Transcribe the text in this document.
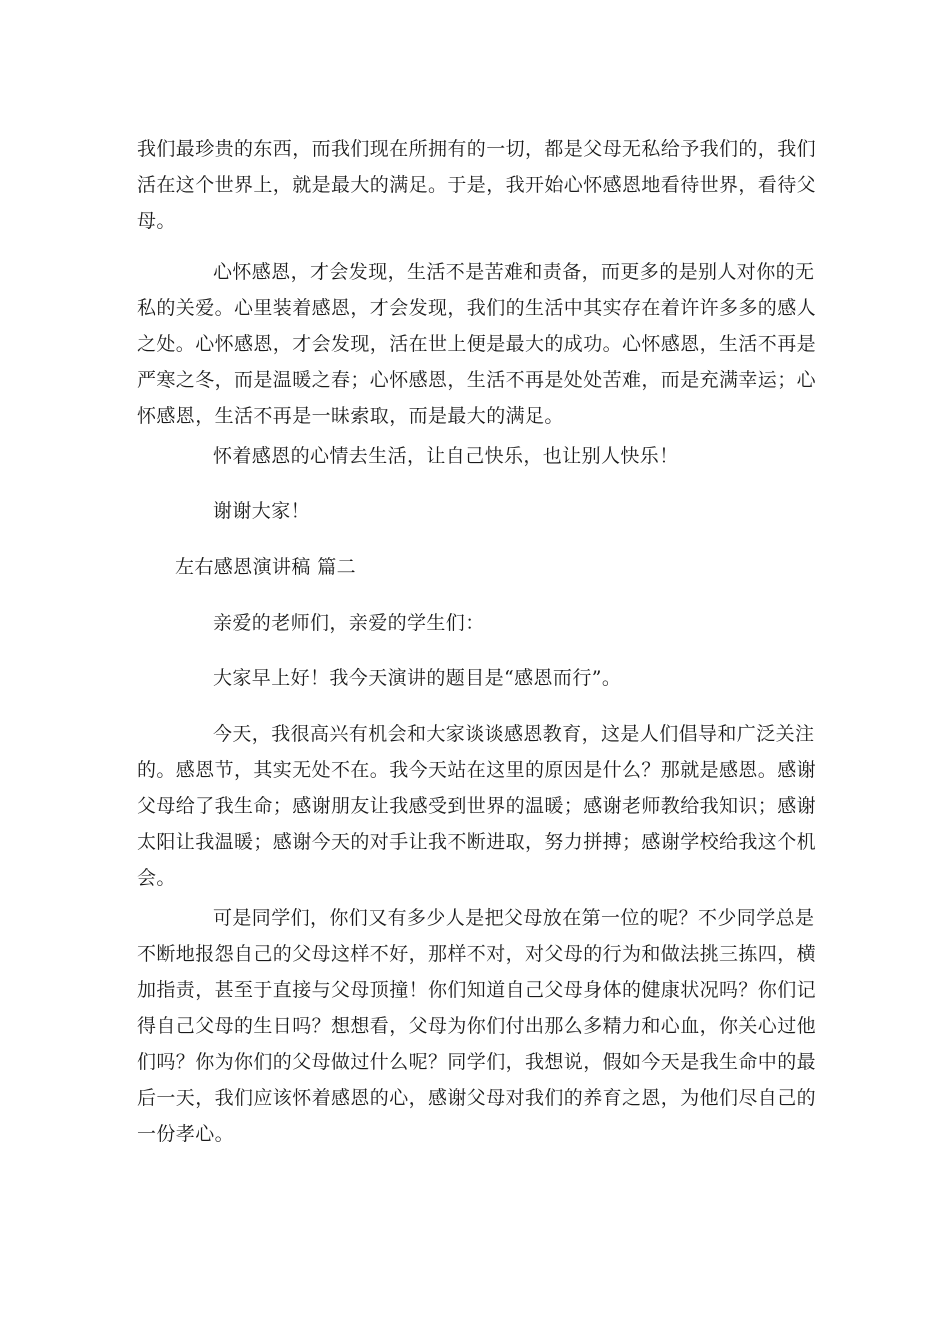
我们最珍贵的东西，而我们现在所拥有的一切，都是父母无私给予我们的，我们活在这个世界上，就是最大的满足。于是，我开始心怀感恩地看待世界，看待父母。

心怀感恩，才会发现，生活不是苦难和责备，而更多的是别人对你的无私的关爱。心里装着感恩，才会发现，我们的生活中其实存在着许许多多的感人之处。心怀感恩，才会发现，活在世上便是最大的成功。心怀感恩，生活不再是严寒之冬，而是温暖之春；心怀感恩，生活不再是处处苦难，而是充满幸运；心怀感恩，生活不再是一昧索取，而是最大的满足。

怀着感恩的心情去生活，让自己快乐，也让别人快乐！

谢谢大家！

左右感恩演讲稿 篇二

亲爱的老师们，亲爱的学生们：

大家早上好！我今天演讲的题目是“感恩而行”。

今天，我很高兴有机会和大家谈谈感恩教育，这是人们倡导和广泛关注的。感恩节，其实无处不在。我今天站在这里的原因是什么？那就是感恩。感谢父母给了我生命；感谢朋友让我感受到世界的温暖；感谢老师教给我知识；感谢太阳让我温暖；感谢今天的对手让我不断进取，努力拼搏；感谢学校给我这个机会。

可是同学们，你们又有多少人是把父母放在第一位的呢？不少同学总是不断地报怨自己的父母这样不好，那样不对，对父母的行为和做法挑三拣四，横加指责，甚至于直接与父母顶撞！你们知道自己父母身体的健康状况吗？你们记得自己父母的生日吗？想想看，父母为你们付出那么多精力和心血，你关心过他们吗？你为你们的父母做过什么呢？同学们，我想说，假如今天是我生命中的最后一天，我们应该怀着感恩的心，感谢父母对我们的养育之恩，为他们尽自己的一份孝心。
